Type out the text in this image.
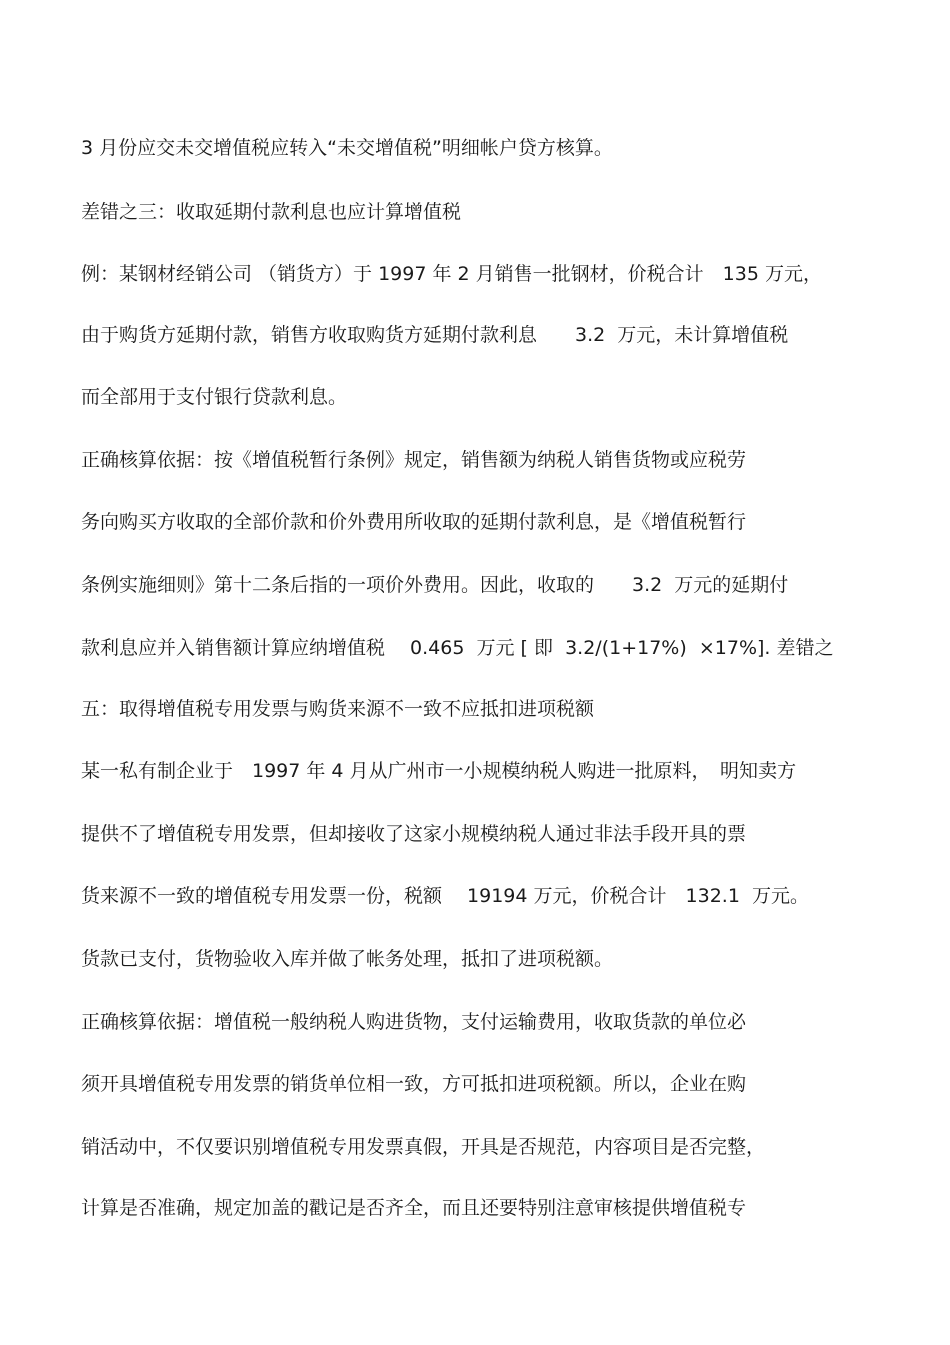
3 月份应交未交增值税应转入“未交增值税”明细帐户贷方核算。
差错之三：收取延期付款利息也应计算增值税
例：某钢材经销公司 （销货方）于 1997 年 2 月销售一批钢材，价税合计　135 万元，
由于购货方延期付款，销售方收取购货方延期付款利息　　3.2  万元，未计算增值税
而全部用于支付银行贷款利息。
正确核算依据：按《增值税暂行条例》规定，销售额为纳税人销售货物或应税劳
务向购买方收取的全部价款和价外费用所收取的延期付款利息，是《增值税暂行
条例实施细则》第十二条后指的一项价外费用。因此，收取的　　3.2  万元的延期付
款利息应并入销售额计算应纳增值税　 0.465  万元 [ 即  3.2/(1+17%)  ×17%]. 差错之
五：取得增值税专用发票与购货来源不一致不应抵扣进项税额
某一私有制企业于　1997 年 4 月从广州市一小规模纳税人购进一批原料，　明知卖方
提供不了增值税专用发票，但却接收了这家小规模纳税人通过非法手段开具的票
货来源不一致的增值税专用发票一份，税额　 19194 万元，价税合计　132.1  万元。
货款已支付，货物验收入库并做了帐务处理，抵扣了进项税额。
正确核算依据：增值税一般纳税人购进货物，支付运输费用，收取货款的单位必
须开具增值税专用发票的销货单位相一致，方可抵扣进项税额。所以，企业在购
销活动中，不仅要识别增值税专用发票真假，开具是否规范，内容项目是否完整，
计算是否准确，规定加盖的戳记是否齐全，而且还要特别注意审核提供增值税专
